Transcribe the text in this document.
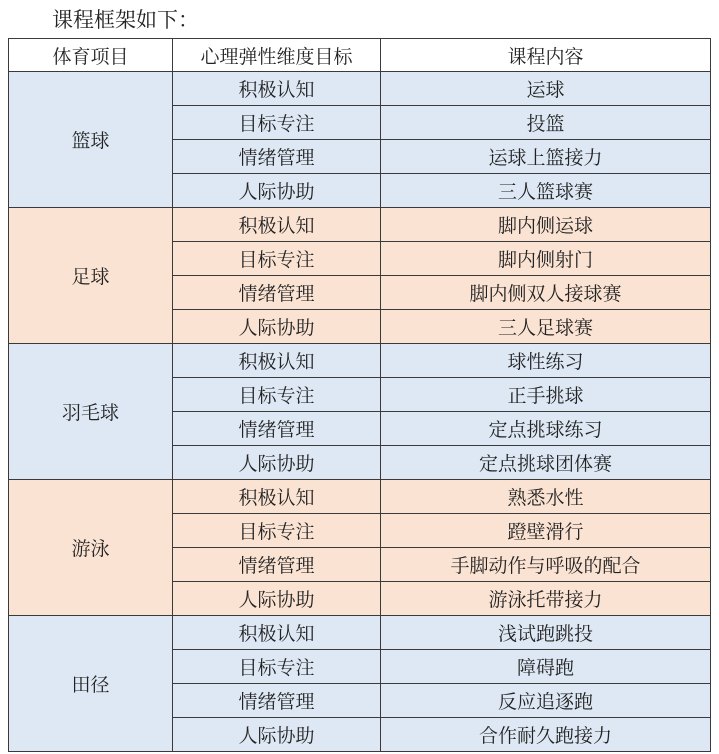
课程框架如下：
体育项目	心理弹性维度目标	课程内容
篮球	积极认知	运球
	目标专注	投篮
	情绪管理	运球上篮接力
	人际协助	三人篮球赛
足球	积极认知	脚内侧运球
	目标专注	脚内侧射门
	情绪管理	脚内侧双人接球赛
	人际协助	三人足球赛
羽毛球	积极认知	球性练习
	目标专注	正手挑球
	情绪管理	定点挑球练习
	人际协助	定点挑球团体赛
游泳	积极认知	熟悉水性
	目标专注	蹬壁滑行
	情绪管理	手脚动作与呼吸的配合
	人际协助	游泳托带接力
田径	积极认知	浅试跑跳投
	目标专注	障碍跑
	情绪管理	反应追逐跑
	人际协助	合作耐久跑接力
